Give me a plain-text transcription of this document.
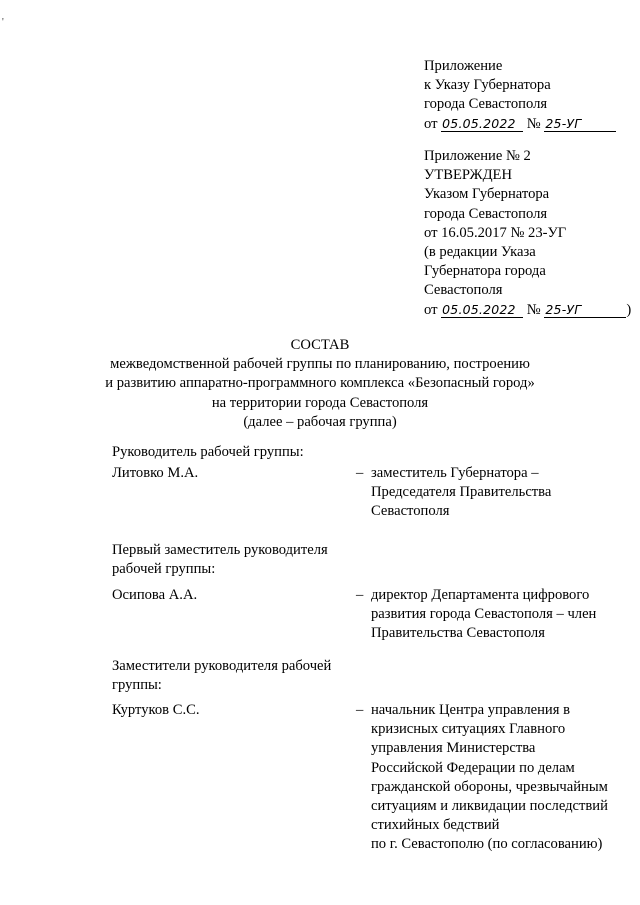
'
Приложение
к Указу Губернатора
города Севастополя
от 05.05.2022 № 25-УГ
Приложение № 2
УТВЕРЖДЕН
Указом Губернатора
города Севастополя
от 16.05.2017 № 23-УГ
(в редакции Указа
Губернатора города
Севастополя
от 05.05.2022 № 25-УГ	)
СОСТАВ
межведомственной рабочей группы по планированию, построению
и развитию аппаратно-программного комплекса «Безопасный город»
на территории города Севастополя
(далее – рабочая группа)
Руководитель рабочей группы:
Литовко М.А.	– заместитель Губернатора –
Председателя Правительства
Севастополя
Первый заместитель руководителя
рабочей группы:
Осипова А.А.	– директор Департамента цифрового
развития города Севастополя – член
Правительства Севастополя
Заместители руководителя рабочей
группы:
Куртуков С.С.	– начальник Центра управления в
кризисных ситуациях Главного
управления Министерства
Российской Федерации по делам
гражданской обороны, чрезвычайным
ситуациям и ликвидации последствий
стихийных бедствий
по г. Севастополю (по согласованию)
